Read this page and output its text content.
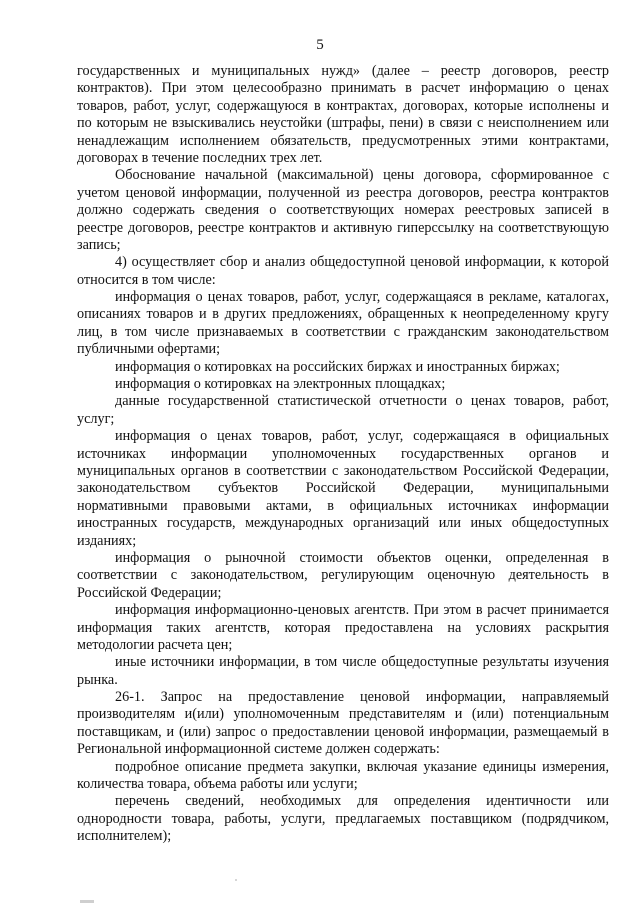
5
государственных и муниципальных нужд» (далее – реестр договоров, реестр
контрактов). При этом целесообразно принимать в расчет информацию о ценах
товаров, работ, услуг, содержащуюся в контрактах, договорах, которые исполнены и
по которым не взыскивались неустойки (штрафы, пени) в связи с неисполнением или
ненадлежащим исполнением обязательств, предусмотренных этими контрактами,
договорах в течение последних трех лет.
Обоснование начальной (максимальной) цены договора, сформированное с
учетом ценовой информации, полученной из реестра договоров, реестра контрактов
должно содержать сведения о соответствующих номерах реестровых записей в
реестре договоров, реестре контрактов и активную гиперссылку на соответствующую
запись;
4) осуществляет сбор и анализ общедоступной ценовой информации, к которой
относится в том числе:
информация о ценах товаров, работ, услуг, содержащаяся в рекламе, каталогах,
описаниях товаров и в других предложениях, обращенных к неопределенному кругу
лиц, в том числе признаваемых в соответствии с гражданским законодательством
публичными офертами;
информация о котировках на российских биржах и иностранных биржах;
информация о котировках на электронных площадках;
данные государственной статистической отчетности о ценах товаров, работ,
услуг;
информация о ценах товаров, работ, услуг, содержащаяся в официальных
источниках информации уполномоченных государственных органов и
муниципальных органов в соответствии с законодательством Российской Федерации,
законодательством субъектов Российской Федерации, муниципальными
нормативными правовыми актами, в официальных источниках информации
иностранных государств, международных организаций или иных общедоступных
изданиях;
информация о рыночной стоимости объектов оценки, определенная в
соответствии с законодательством, регулирующим оценочную деятельность в
Российской Федерации;
информация информационно-ценовых агентств. При этом в расчет принимается
информация таких агентств, которая предоставлена на условиях раскрытия
методологии расчета цен;
иные источники информации, в том числе общедоступные результаты изучения
рынка.
26-1. Запрос на предоставление ценовой информации, направляемый
производителям и(или) уполномоченным представителям и (или) потенциальным
поставщикам, и (или) запрос о предоставлении ценовой информации, размещаемый в
Региональной информационной системе должен содержать:
подробное описание предмета закупки, включая указание единицы измерения,
количества товара, объема работы или услуги;
перечень сведений, необходимых для определения идентичности или
однородности товара, работы, услуги, предлагаемых поставщиком (подрядчиком,
исполнителем);
